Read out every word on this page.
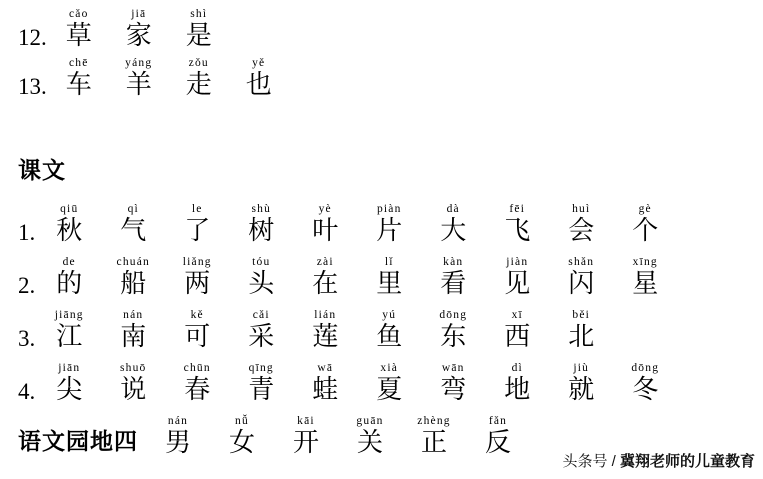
12.
cǎo
草
jiā
家
shì
是
13.
chē
车
yáng
羊
zǒu
走
yě
也
课文
1.
qiū
秋
qì
气
le
了
shù
树
yè
叶
piàn
片
dà
大
fēi
飞
huì
会
gè
个
2.
de
的
chuán
船
liǎng
两
tóu
头
zài
在
lǐ
里
kàn
看
jiàn
见
shǎn
闪
xīng
星
3.
jiāng
江
nán
南
kě
可
cǎi
采
lián
莲
yú
鱼
dōng
东
xī
西
běi
北
4.
jiān
尖
shuō
说
chūn
春
qīng
青
wā
蛙
xià
夏
wān
弯
dì
地
jiù
就
dōng
冬
语文园地四
nán
男
nǚ
女
kāi
开
guān
关
zhèng
正
fǎn
反
头条号 / 冀翔老师的儿童教育
